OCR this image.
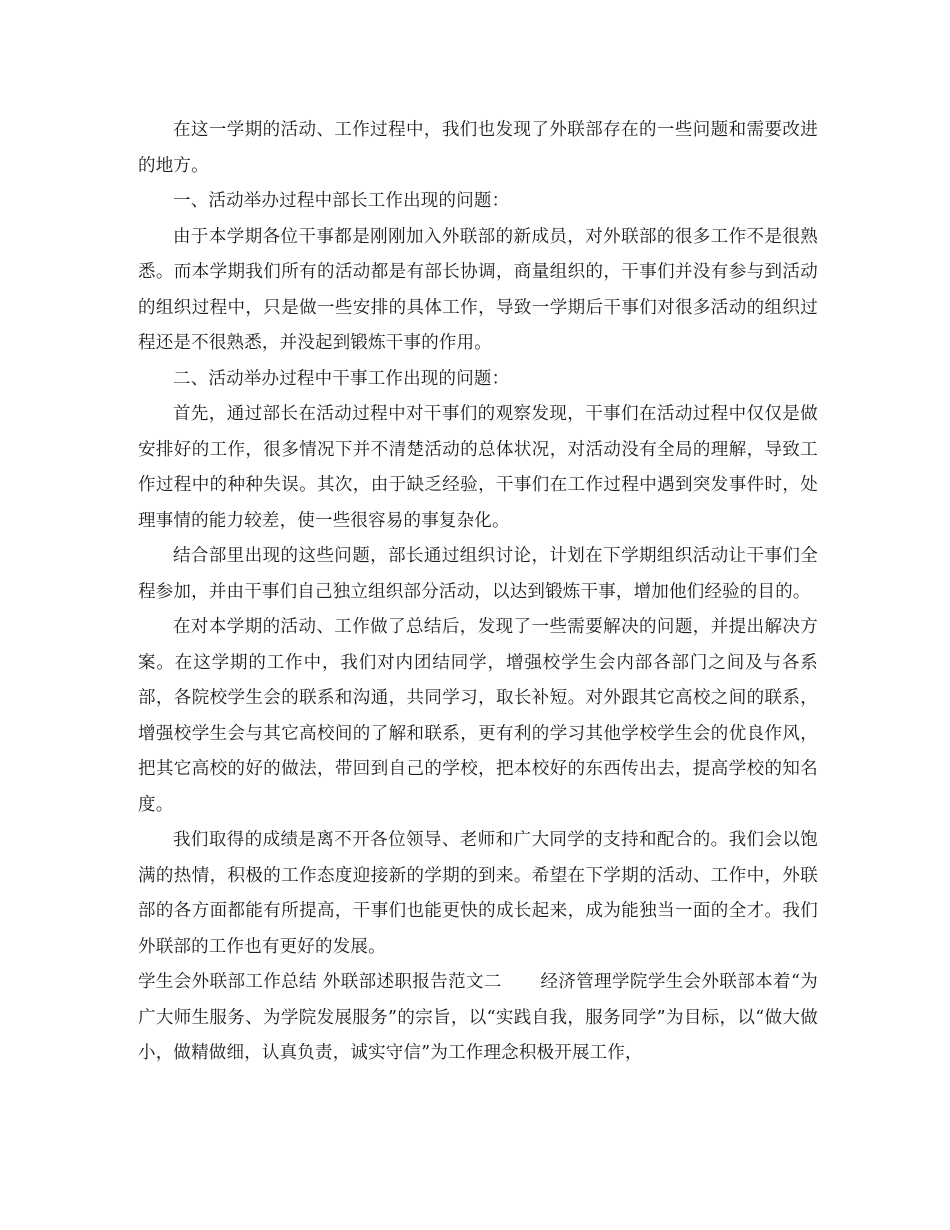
在这一学期的活动、工作过程中，我们也发现了外联部存在的一些问题和需要改进的地方。

一、活动举办过程中部长工作出现的问题：

由于本学期各位干事都是刚刚加入外联部的新成员，对外联部的很多工作不是很熟悉。而本学期我们所有的活动都是有部长协调，商量组织的，干事们并没有参与到活动的组织过程中，只是做一些安排的具体工作，导致一学期后干事们对很多活动的组织过程还是不很熟悉，并没起到锻炼干事的作用。

二、活动举办过程中干事工作出现的问题：

首先，通过部长在活动过程中对干事们的观察发现，干事们在活动过程中仅仅是做安排好的工作，很多情况下并不清楚活动的总体状况，对活动没有全局的理解，导致工作过程中的种种失误。其次，由于缺乏经验，干事们在工作过程中遇到突发事件时，处理事情的能力较差，使一些很容易的事复杂化。

结合部里出现的这些问题，部长通过组织讨论，计划在下学期组织活动让干事们全程参加，并由干事们自己独立组织部分活动，以达到锻炼干事，增加他们经验的目的。

在对本学期的活动、工作做了总结后，发现了一些需要解决的问题，并提出解决方案。在这学期的工作中，我们对内团结同学，增强校学生会内部各部门之间及与各系部，各院校学生会的联系和沟通，共同学习，取长补短。对外跟其它高校之间的联系，增强校学生会与其它高校间的了解和联系，更有利的学习其他学校学生会的优良作风，把其它高校的好的做法，带回到自己的学校，把本校好的东西传出去，提高学校的知名度。

我们取得的成绩是离不开各位领导、老师和广大同学的支持和配合的。我们会以饱满的热情，积极的工作态度迎接新的学期的到来。希望在下学期的活动、工作中，外联部的各方面都能有所提高，干事们也能更快的成长起来，成为能独当一面的全才。我们外联部的工作也有更好的发展。

学生会外联部工作总结 外联部述职报告范文二 经济管理学院学生会外联部本着“为广大师生服务、为学院发展服务”的宗旨，以“实践自我，服务同学”为目标，以“做大做小，做精做细，认真负责，诚实守信”为工作理念积极开展工作，
